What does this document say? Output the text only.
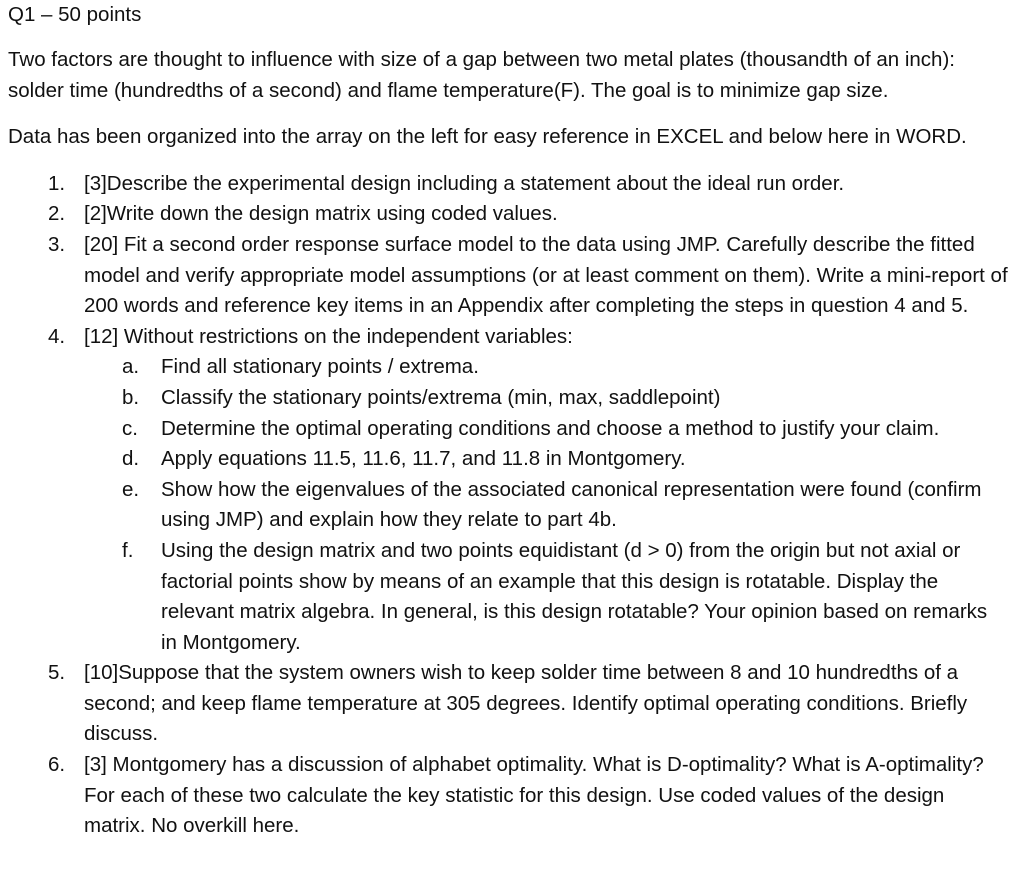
Q1 – 50 points

Two factors are thought to influence with size of a gap between two metal plates (thousandth of an inch): solder time (hundredths of a second) and flame temperature(F). The goal is to minimize gap size.

Data has been organized into the array on the left for easy reference in EXCEL and below here in WORD.

1. [3]Describe the experimental design including a statement about the ideal run order.
2. [2]Write down the design matrix using coded values.
3. [20] Fit a second order response surface model to the data using JMP. Carefully describe the fitted model and verify appropriate model assumptions (or at least comment on them). Write a mini-report of 200 words and reference key items in an Appendix after completing the steps in question 4 and 5.
4. [12] Without restrictions on the independent variables:
a. Find all stationary points / extrema.
b. Classify the stationary points/extrema (min, max, saddlepoint)
c. Determine the optimal operating conditions and choose a method to justify your claim.
d. Apply equations 11.5, 11.6, 11.7, and 11.8 in Montgomery.
e. Show how the eigenvalues of the associated canonical representation were found (confirm using JMP) and explain how they relate to part 4b.
f. Using the design matrix and two points equidistant (d > 0) from the origin but not axial or factorial points show by means of an example that this design is rotatable. Display the relevant matrix algebra. In general, is this design rotatable? Your opinion based on remarks in Montgomery.
5. [10]Suppose that the system owners wish to keep solder time between 8 and 10 hundredths of a second; and keep flame temperature at 305 degrees. Identify optimal operating conditions. Briefly discuss.
6. [3] Montgomery has a discussion of alphabet optimality. What is D-optimality? What is A-optimality? For each of these two calculate the key statistic for this design. Use coded values of the design matrix. No overkill here.
